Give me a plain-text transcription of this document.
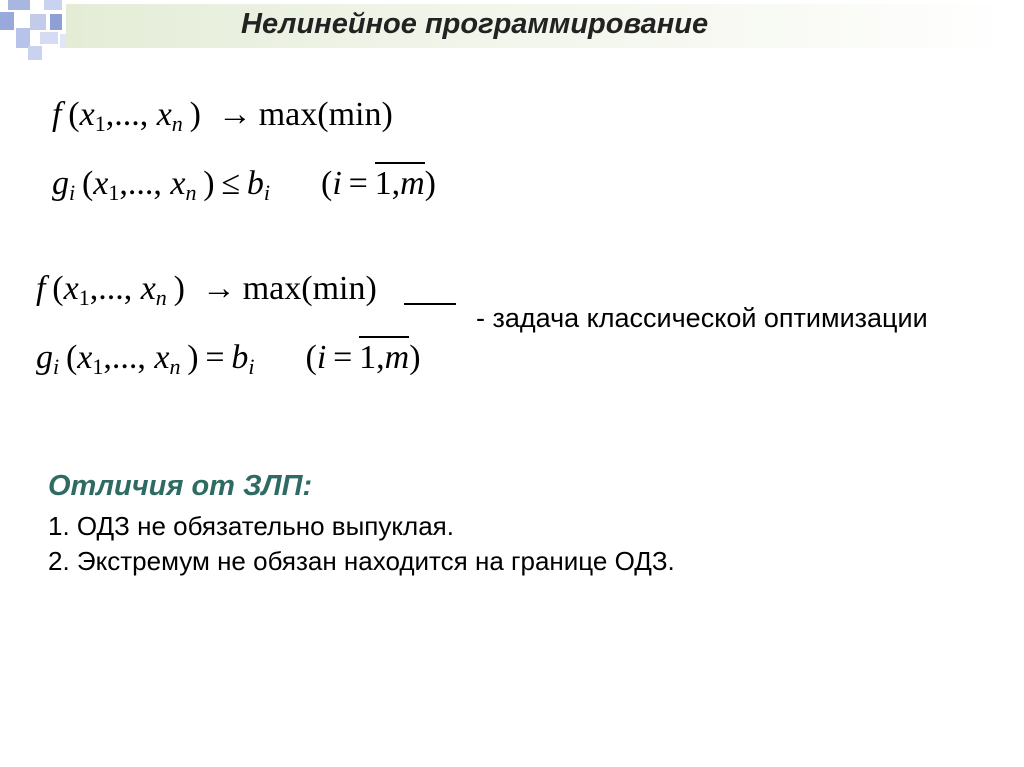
Нелинейное программирование
f  ($x_1$,..., $x_n$  )  →  max(min)
$g_i$  ($x_1$,..., $x_n$  )  ≤  $b_i$   (i  =  1,m)
f  ($x_1$,..., $x_n$  )  →  max(min)
$g_i$  ($x_1$,..., $x_n$  )  =  $b_i$   (i  =  1,m)
- задача классической оптимизации
Отличия от ЗЛП:
1. ОДЗ не обязательно выпуклая.
2. Экстремум не обязан находится на границе ОДЗ.
